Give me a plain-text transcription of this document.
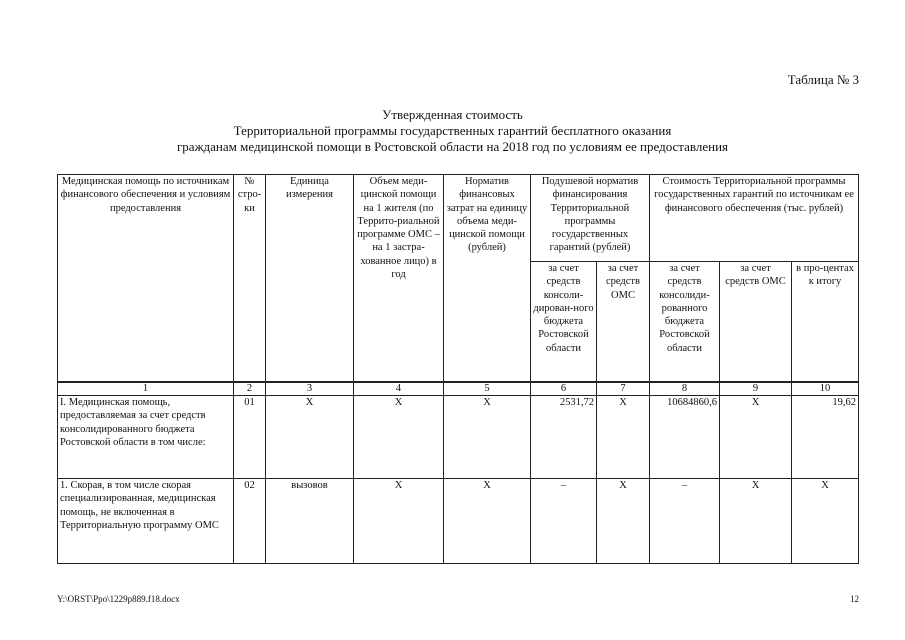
Таблица № 3
Утвержденная стоимость
Территориальной программы государственных гарантий бесплатного оказания
гражданам медицинской помощи в Ростовской области на 2018 год по условиям ее предоставления
Медицинская помощь по источникам финансового обеспечения и условиям предоставления	№ стро-ки	Единица измерения	Объем меди-цинской помощи на 1 жителя (по Террито-риальной программе ОМС – на 1 застра-хованное лицо) в год	Норматив финансовых затрат на единицу объема меди-цинской помощи (рублей)	Подушевой норматив финансирования Территориальной программы государственных гарантий (рублей)		Стоимость Территориальной программы государственных гарантий по источникам ее финансового обеспечения (тыс. рублей)		
					за счет средств консоли-дирован-ного бюджета Ростовской области	за счет средств ОМС	за счет средств консолиди-рованного бюджета Ростовской области	за счет средств ОМС	в про-центах к итогу
1	2	3	4	5	6	7	8	9	10
I. Медицинская помощь, предоставляемая за счет средств консолидированного бюджета Ростовской области в том числе:	01	Х	Х	Х	2531,72	Х	10684860,6	Х	19,62
1. Скорая, в том числе скорая специализированная, медицинская помощь, не включенная в Территориальную программу ОМС	02	вызовов	Х	Х	–	Х	–	Х	Х
Y:\ORST\Ppo\1229p889.f18.docx	12
